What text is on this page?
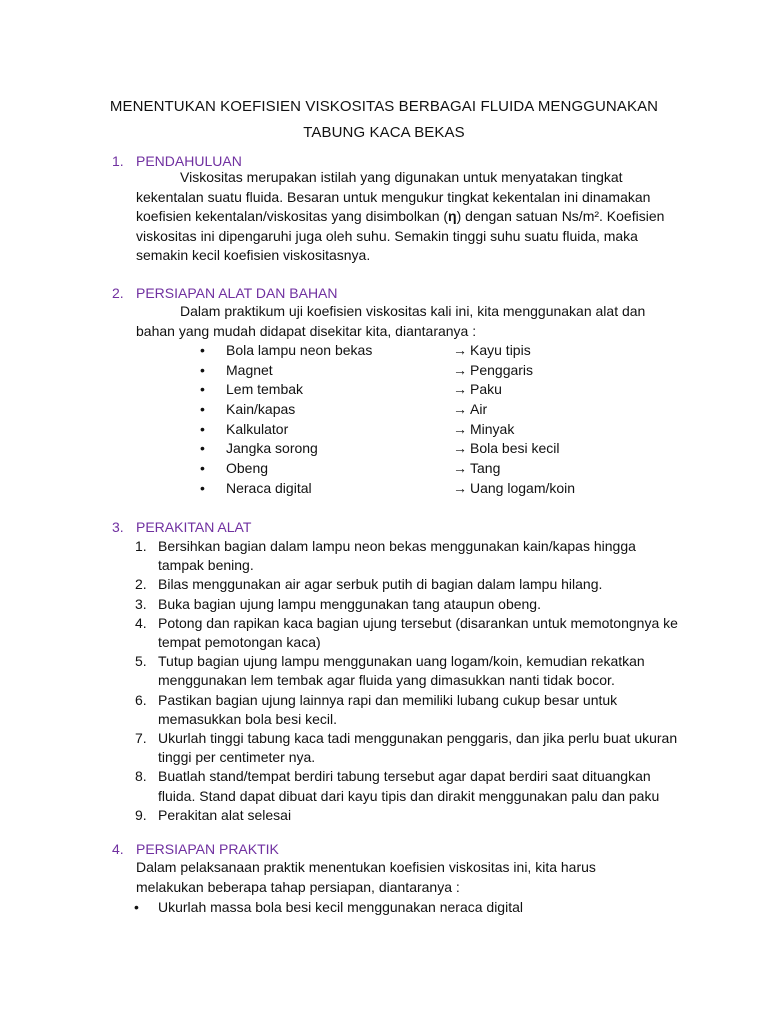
MENENTUKAN KOEFISIEN VISKOSITAS BERBAGAI FLUIDA MENGGUNAKAN
TABUNG KACA BEKAS
1. PENDAHULUAN
Viskositas merupakan istilah yang digunakan untuk menyatakan tingkat kekentalan suatu fluida. Besaran untuk mengukur tingkat kekentalan ini dinamakan koefisien kekentalan/viskositas yang disimbolkan (η) dengan satuan Ns/m². Koefisien viskositas ini dipengaruhi juga oleh suhu. Semakin tinggi suhu suatu fluida, maka semakin kecil koefisien viskositasnya.
2. PERSIAPAN ALAT DAN BAHAN
Dalam praktikum uji koefisien viskositas kali ini, kita menggunakan alat dan bahan yang mudah didapat disekitar kita, diantaranya :
• Bola lampu neon bekas	→ Kayu tipis
• Magnet	→ Penggaris
• Lem tembak	→ Paku
• Kain/kapas	→ Air
• Kalkulator	→ Minyak
• Jangka sorong	→ Bola besi kecil
• Obeng	→ Tang
• Neraca digital	→ Uang logam/koin
3. PERAKITAN ALAT
1. Bersihkan bagian dalam lampu neon bekas menggunakan kain/kapas hingga tampak bening.
2. Bilas menggunakan air agar serbuk putih di bagian dalam lampu hilang.
3. Buka bagian ujung lampu menggunakan tang ataupun obeng.
4. Potong dan rapikan kaca bagian ujung tersebut (disarankan untuk memotongnya ke tempat pemotongan kaca)
5. Tutup bagian ujung lampu menggunakan uang logam/koin, kemudian rekatkan menggunakan lem tembak agar fluida yang dimasukkan nanti tidak bocor.
6. Pastikan bagian ujung lainnya rapi dan memiliki lubang cukup besar untuk memasukkan bola besi kecil.
7. Ukurlah tinggi tabung kaca tadi menggunakan penggaris, dan jika perlu buat ukuran tinggi per centimeter nya.
8. Buatlah stand/tempat berdiri tabung tersebut agar dapat berdiri saat dituangkan fluida. Stand dapat dibuat dari kayu tipis dan dirakit menggunakan palu dan paku
9. Perakitan alat selesai
4. PERSIAPAN PRAKTIK
Dalam pelaksanaan praktik menentukan koefisien viskositas ini, kita harus melakukan beberapa tahap persiapan, diantaranya :
• Ukurlah massa bola besi kecil menggunakan neraca digital
